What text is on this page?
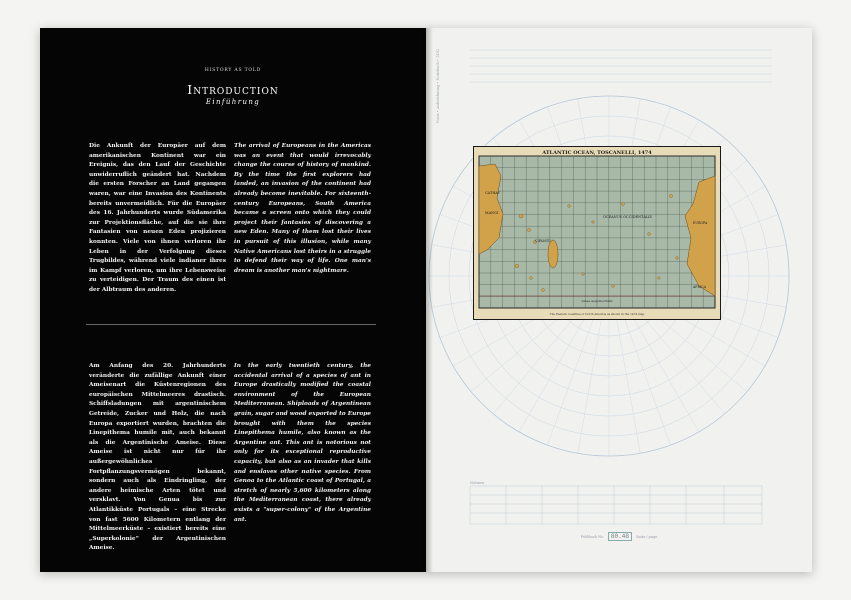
HISTORY AS TOLD
Introduction
Einführung
Die Ankunft der Europäer auf dem amerikanischen Kontinent war ein Ereignis, das den Lauf der Geschichte unwiderruflich geändert hat. Nachdem die ersten Forscher an Land gegangen waren, war eine Invasion des Kontinents bereits unvermeidlich. Für die Europäer des 16. Jahrhunderts wurde Südamerika zur Projektionsfläche, auf die sie ihre Fantasien von neuen Eden projizieren konnten. Viele von ihnen verloren ihr Leben in der Verfolgung dieses Trugbildes, während viele indianer ihres im Kampf verloren, um ihre Lebensweise zu verteidigen. Der Traum des einen ist der Albtraum des anderen.
The arrival of Europeans in the Americas was an event that would irrevocably change the course of history of mankind. By the time the first explorers had landed, an invasion of the continent had already become inevitable. For sixteenth-century Europeans, South America became a screen onto which they could project their fantasies of discovering a new Eden. Many of them lost their lives in pursuit of this illusion, while many Native Americans lost theirs in a struggle to defend their way of life. One man's dream is another man's nightmare.
Am Anfang des 20. Jahrhunderts veränderte die zufällige Ankunft einer Ameisenart die Küstenregionen des europäischen Mittelmeeres drastisch. Schiffsladungen mit argentinischem Getreide, Zucker und Holz, die nach Europa exportiert wurden, brachten die Linepithema humile mit, auch bekannt als die Argentinische Ameise. Diese Ameise ist nicht nur für ihr außergewöhnliches Fortpflanzungsvermögen bekannt, sondern auch als Eindringling, der andere heimische Arten tötet und versklavt. Von Genua bis zur Atlantikküste Portugals – eine Strecke von fast 5600 Kilometern entlang der Mittelmeerküste – existiert bereits eine „Superkolonie“ der Argentinischen Ameise.
In the early twentieth century, the accidental arrival of a species of ant in Europe drastically modified the coastal environment of the European Mediterranean. Shiploads of Argentinean grain, sugar and wood exported to Europe brought with them the species Linepithema humile, also known as the Argentine ant. This ant is notorious not only for its exceptional reproductive capacity, but also as an invader that kills and enslaves other native species. From Genoa to the Atlantic coast of Portugal, a stretch of nearly 5,600 kilometers along the Mediterranean coast, there already exists a "super-colony" of the Argentine ant.
Notiz • Aufzeichnung • Notizbuch • 1492
ATLANTIC OCEAN, TOSCANELLI, 1474
CATHAY
MANGI
CIPANGU
OCEANUS OCCIDENTALIS
EUROPA
AFRICA
Linea Aequinoctialis
The Eastern coastline of North America as shown in the 1474 map
Notizen
Feldbuch Nr. 80.48 Seite / page
